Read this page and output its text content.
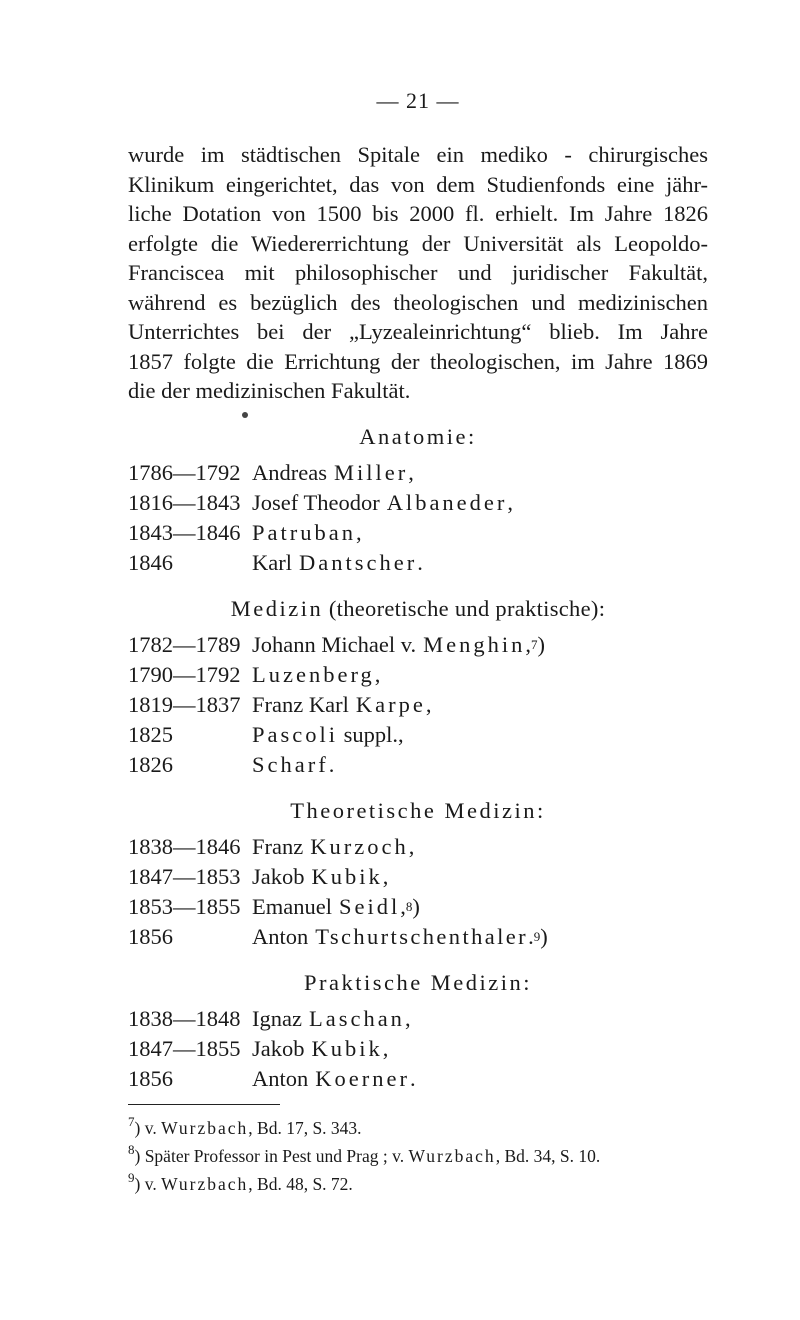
— 21 —
wurde im städtischen Spitale ein mediko - chirurgisches
Klinikum eingerichtet, das von dem Studienfonds eine jähr-
liche Dotation von 1500 bis 2000 fl. erhielt. Im Jahre 1826
erfolgte die Wiedererrichtung der Universität als Leopoldo-
Franciscea mit philosophischer und juridischer Fakultät,
während es bezüglich des theologischen und medizinischen
Unterrichtes bei der „Lyzealeinrichtung“ blieb. Im Jahre
1857 folgte die Errichtung der theologischen, im Jahre 1869
die der medizinischen Fakultät.
Anatomie:
1786—1792 Andreas Miller ,
1816—1843 Josef Theodor Albaneder ,
1843—1846 Patruban ,
1846	Karl Dantscher .
Medizin (theoretische und praktische):
1782—1789 Johann Michael v. Menghin , 7 )
1790—1792 Luzenberg ,
1819—1837 Franz Karl Karpe ,
1825	Pascoli suppl.,
1826	Scharf .
Theoretische Medizin:
1838—1846 Franz Kurzoch ,
1847—1853 Jakob Kubik ,
1853—1855 Emanuel Seidl , 8 )
1856	Anton Tschurtschenthaler . 9 )
Praktische Medizin:
1838—1848 Ignaz Laschan ,
1847—1855 Jakob Kubik ,
1856	Anton Koerner .
$^7$) v. Wurzbach, Bd. 17, S. 343.
$^8$) Später Professor in Pest und Prag ; v. Wurzbach, Bd. 34, S. 10.
$^9$) v. Wurzbach, Bd. 48, S. 72.
